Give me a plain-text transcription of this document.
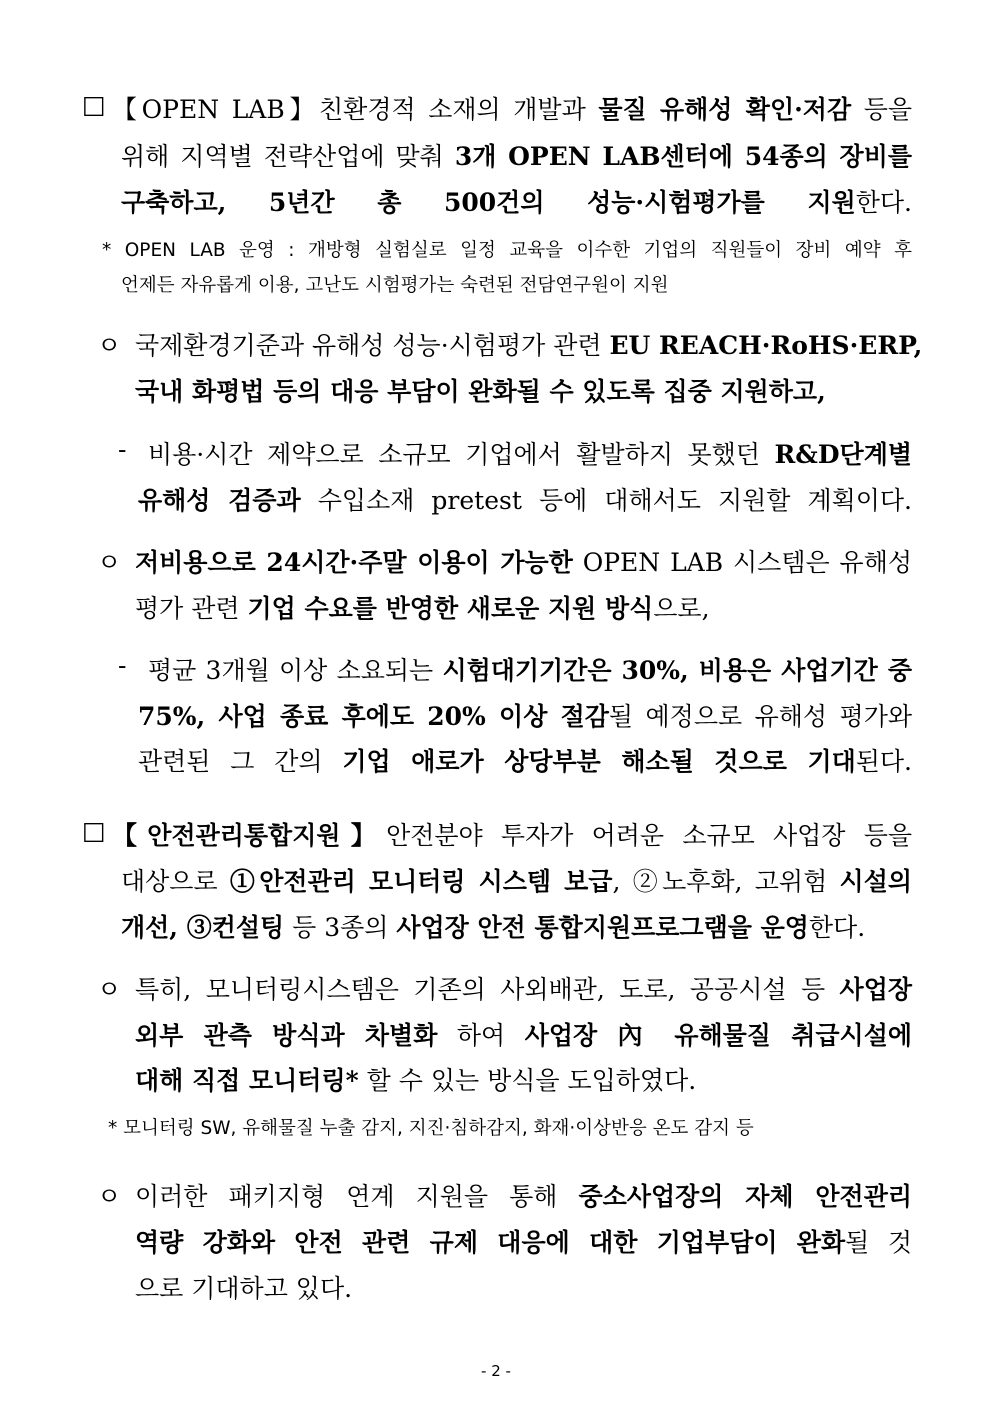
□ 【OPEN LAB】친환경적 소재의 개발과 물질 유해성 확인·저감 등을
위해 지역별 전략산업에 맞춰 3개 OPEN LAB센터에 54종의 장비를
구축하고, 5년간 총 500건의 성능·시험평가를 지원한다.
* OPEN LAB 운영 : 개방형 실험실로 일정 교육을 이수한 기업의 직원들이 장비 예약 후
언제든 자유롭게 이용, 고난도 시험평가는 숙련된 전담연구원이 지원
ㅇ 국제환경기준과 유해성 성능·시험평가 관련 EU REACH·RoHS·ERP,
국내 화평법 등의 대응 부담이 완화될 수 있도록 집중 지원하고,
- 비용·시간 제약으로 소규모 기업에서 활발하지 못했던 R&D단계별
유해성 검증과 수입소재 pretest 등에 대해서도 지원할 계획이다.
ㅇ 저비용으로 24시간·주말 이용이 가능한 OPEN LAB 시스템은 유해성
평가 관련 기업 수요를 반영한 새로운 지원 방식으로,
- 평균 3개월 이상 소요되는 시험대기기간은 30%, 비용은 사업기간 중
75%, 사업 종료 후에도 20% 이상 절감될 예정으로 유해성 평가와
관련된 그 간의 기업 애로가 상당부분 해소될 것으로 기대된다.
□ 【안전관리통합지원】안전분야 투자가 어려운 소규모 사업장 등을
대상으로 ①안전관리 모니터링 시스템 보급, ②노후화, 고위험 시설의
개선, ③컨설팅 등 3종의 사업장 안전 통합지원프로그램을 운영한다.
ㅇ 특히, 모니터링시스템은 기존의 사외배관, 도로, 공공시설 등 사업장
외부 관측 방식과 차별화 하여 사업장 內 유해물질 취급시설에
대해 직접 모니터링* 할 수 있는 방식을 도입하였다.
* 모니터링 SW, 유해물질 누출 감지, 지진·침하감지, 화재·이상반응 온도 감지 등
ㅇ 이러한 패키지형 연계 지원을 통해 중소사업장의 자체 안전관리
역량 강화와 안전 관련 규제 대응에 대한 기업부담이 완화될 것
으로 기대하고 있다.
- 2 -
